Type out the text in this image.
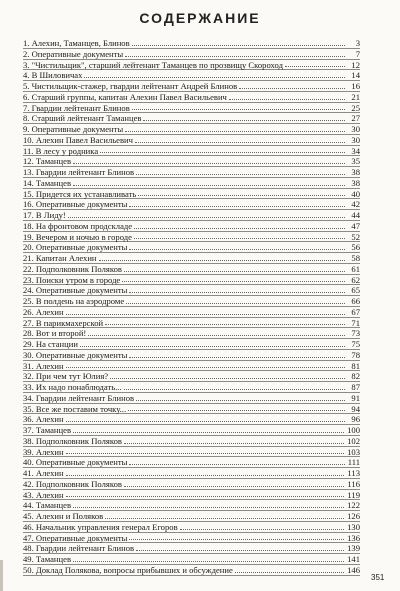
СОДЕРЖАНИЕ
1. Алехин, Таманцев, Блинов	3
2. Оперативные документы	7
3. "Чистильщик", старший лейтенант Таманцев по прозвищу Скороход	12
4. В Шиловичах	14
5. Чистильщик-стажер, гвардии лейтенант Андрей Блинов	16
6. Старший группы, капитан Алехин Павел Васильевич	21
7. Гвардии лейтенант Блинов	25
8. Старший лейтенант Таманцев	27
9. Оперативные документы	30
10. Алехин Павел Васильевич	30
11. В лесу у родника	34
12. Таманцев	35
13. Гвардии лейтенант Блинов	38
14. Таманцев	38
15. Придется их устанавливать	40
16. Оперативные документы	42
17. В Лиду!	44
18. На фронтовом продскладе	47
19. Вечером и ночью в городе	52
20. Оперативные документы	56
21. Капитан Алехин	58
22. Подполковник Поляков	61
23. Поиски утром в городе	62
24. Оперативные документы	65
25. В полдень на аэродроме	66
26. Алехин	67
27. В парикмахерской	71
28. Вот и второй!	73
29. На станции	75
30. Оперативные документы	78
31. Алехин	81
32. При чем тут Юлия?	82
33. Их надо понаблюдать...	87
34. Гвардии лейтенант Блинов	91
35. Все же поставим точку...	94
36. Алехин	96
37. Таманцев	100
38. Подполковник Поляков	102
39. Алехин	103
40. Оперативные документы	111
41. Алехин	113
42. Подполковник Поляков	116
43. Алехин	119
44. Таманцев	122
45. Алехин и Поляков	126
46. Начальник управления генерал Егоров	130
47. Оперативные документы	136
48. Гвардии лейтенант Блинов	139
49. Таманцев	141
50. Доклад Полякова, вопросы прибывших и обсуждение	146
351
